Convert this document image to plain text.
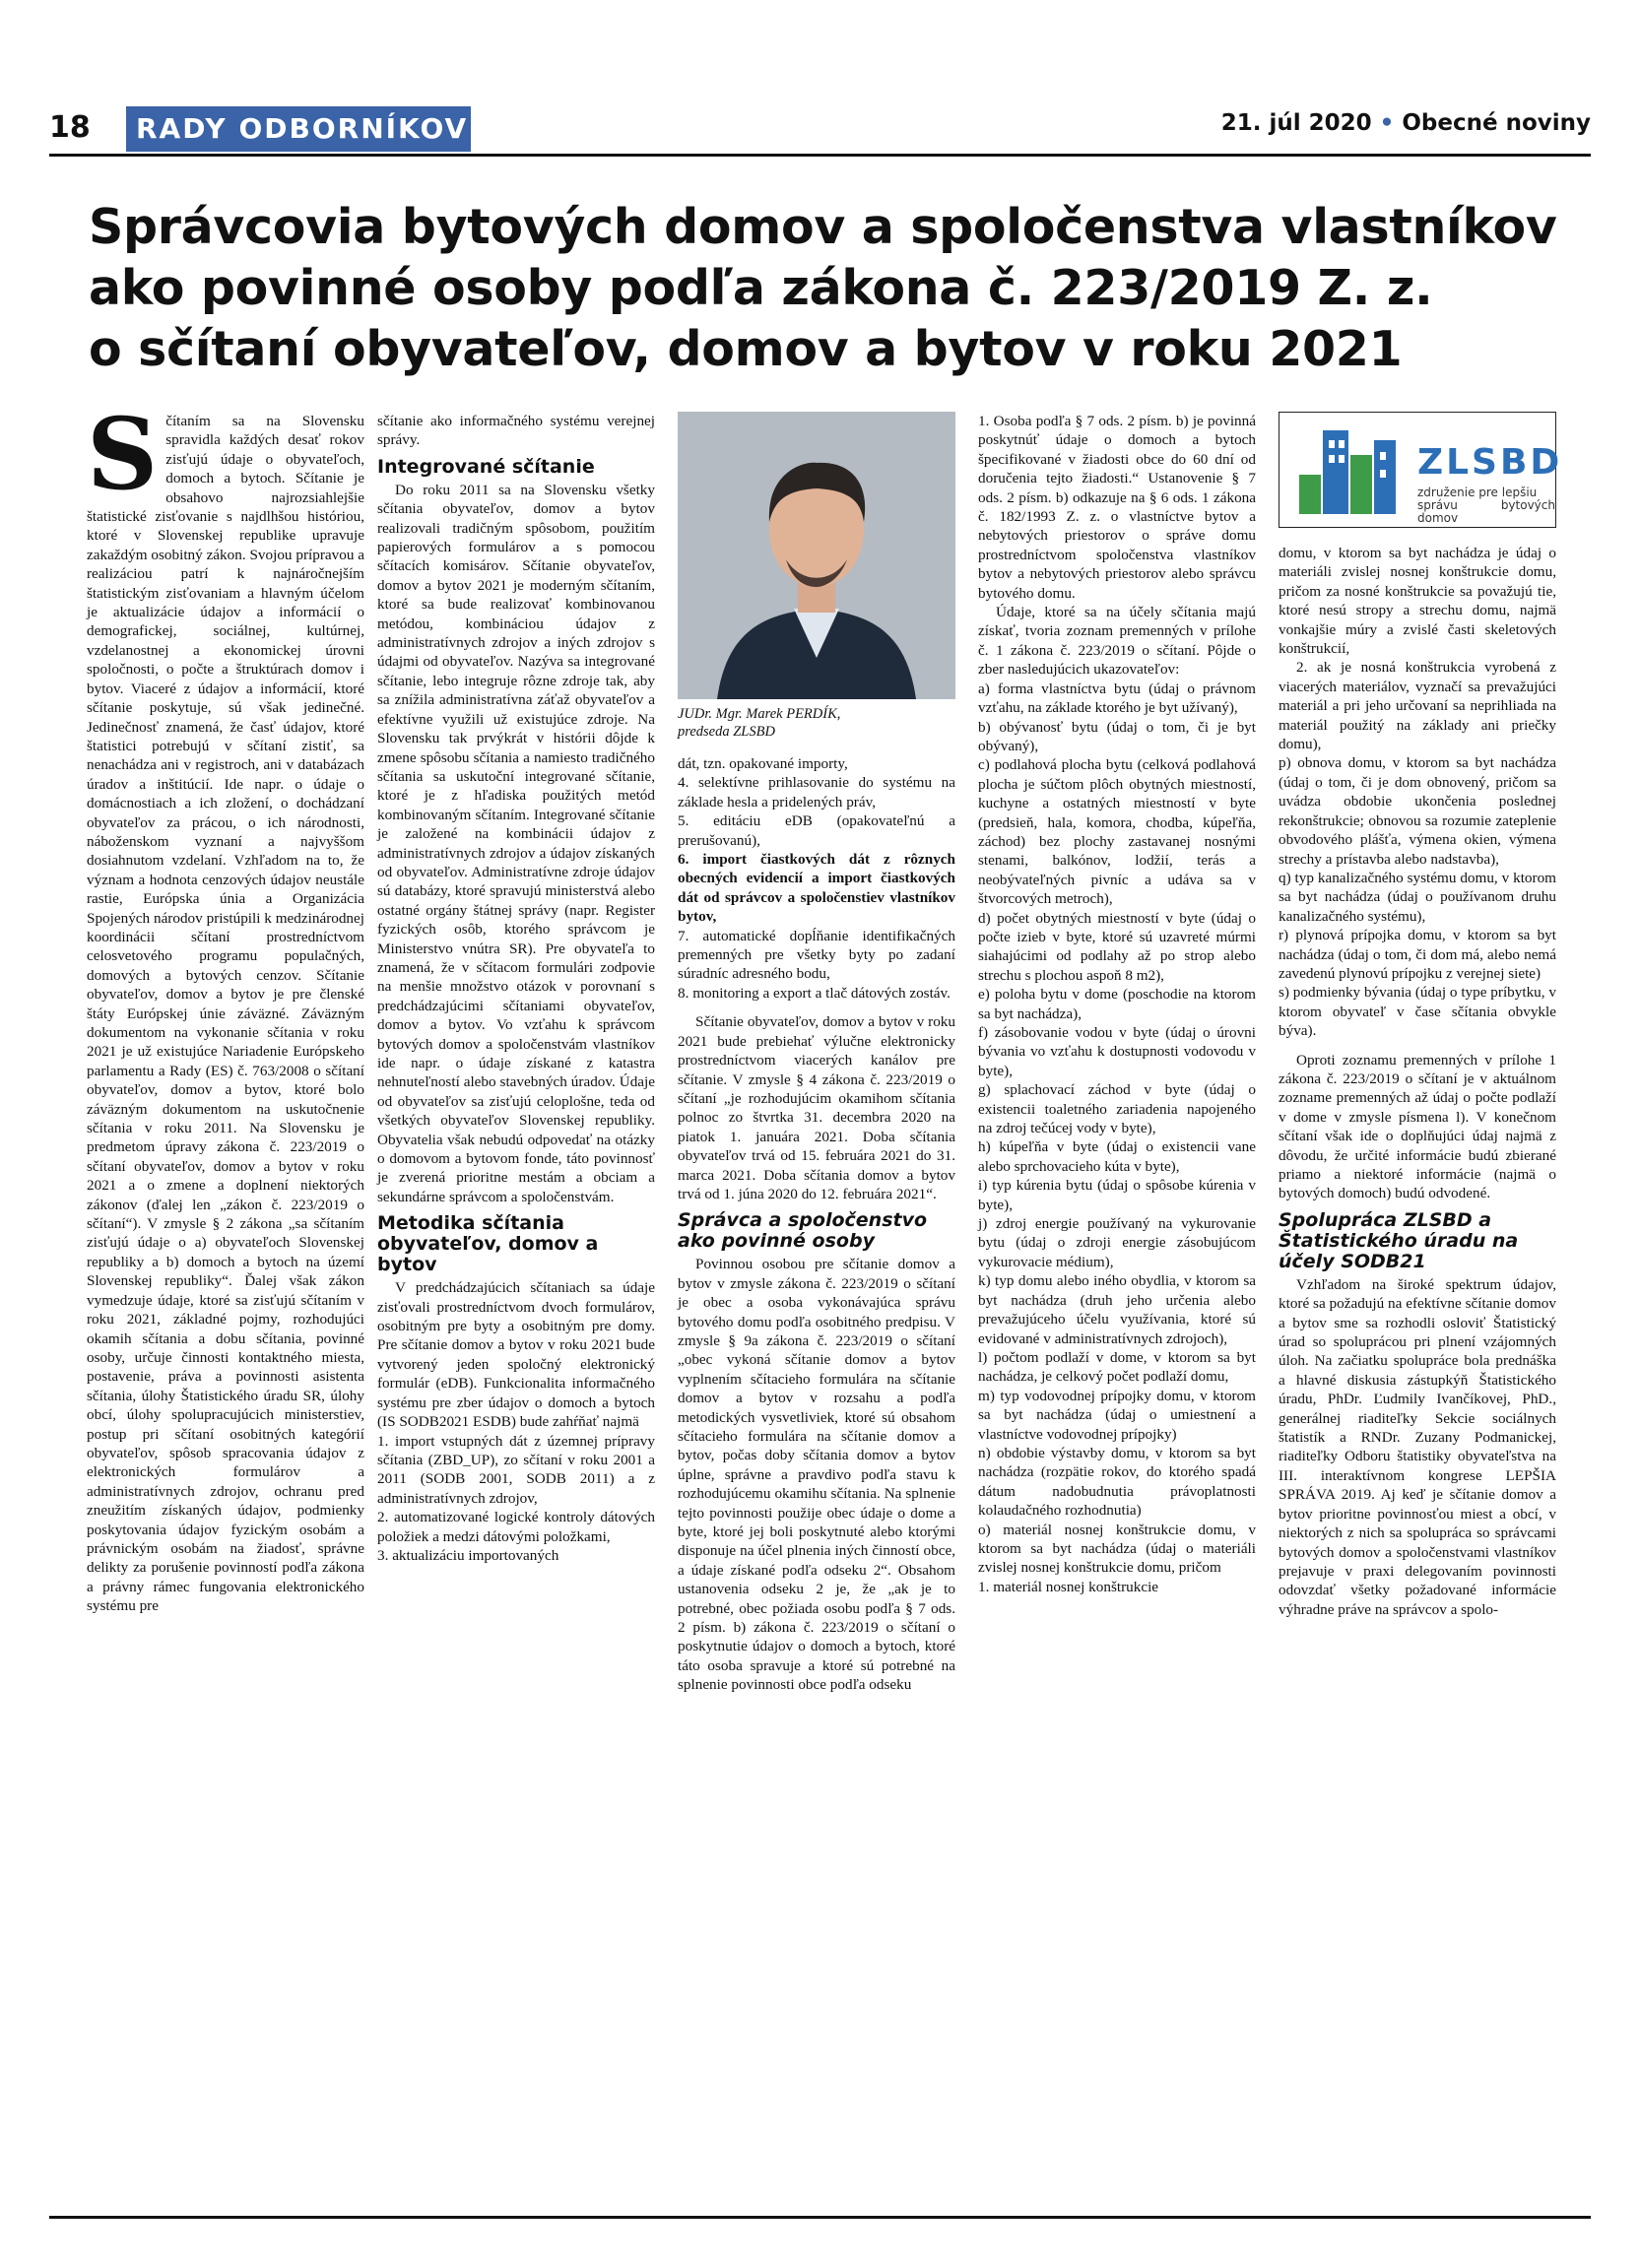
18	RADY ODBORNÍKOV	21. júl 2020 • Obecné noviny
Správcovia bytových domov a spoločenstva vlastníkov
ako povinné osoby podľa zákona č. 223/2019 Z. z.
o sčítaní obyvateľov, domov a bytov v roku 2021
S čítaním sa na Slovensku spravidla každých desať rokov zisťujú údaje o obyvateľoch, domoch a bytoch. Sčítanie je obsahovo najrozsiahlejšie štatistické zisťovanie s najdlhšou históriou, ktoré v Slovenskej republike upravuje zakaždým osobitný zákon. Svojou prípravou a realizáciou patrí k najnáročnejším štatistickým zisťovaniam a hlavným účelom je aktualizácie údajov a informácií o demografickej, sociálnej, kultúrnej, vzdelanostnej a ekonomickej úrovni spoločnosti, o počte a štruktúrach domov i bytov. Viaceré z údajov a informácií, ktoré sčítanie poskytuje, sú však jedinečné. Jedinečnosť znamená, že časť údajov, ktoré štatistici potrebujú v sčítaní zistiť, sa nenachádza ani v registroch, ani v databázach úradov a inštitúcií. Ide napr. o údaje o domácnostiach a ich zložení, o dochádzaní obyvateľov za prácou, o ich národnosti, náboženskom vyznaní a najvyššom dosiahnutom vzdelaní. Vzhľadom na to, že význam a hodnota cenzových údajov neustále rastie, Európska únia a Organizácia Spojených národov pristúpili k medzinárodnej koordinácii sčítaní prostredníctvom celosvetového programu populačných, domových a bytových cenzov. Sčítanie obyvateľov, domov a bytov je pre členské štáty Európskej únie záväzné. Záväzným dokumentom na vykonanie sčítania v roku 2021 je už existujúce Nariadenie Európskeho parlamentu a Rady (ES) č. 763/2008 o sčítaní obyvateľov, domov a bytov, ktoré bolo záväzným dokumentom na uskutočnenie sčítania v roku 2011. Na Slovensku je predmetom úpravy zákona č. 223/2019 o sčítaní obyvateľov, domov a bytov v roku 2021 a o zmene a doplnení niektorých zákonov (ďalej len „zákon č. 223/2019 o sčítaní“). V zmysle § 2 zákona „sa sčítaním zisťujú údaje o a) obyvateľoch Slovenskej republiky a b) domoch a bytoch na území Slovenskej republiky“. Ďalej však zákon vymedzuje údaje, ktoré sa zisťujú sčítaním v roku 2021, základné pojmy, rozhodujúci okamih sčítania a dobu sčítania, povinné osoby, určuje činnosti kontaktného miesta, postavenie, práva a povinnosti asistenta sčítania, úlohy Štatistického úradu SR, úlohy obcí, úlohy spolupracujúcich ministerstiev, postup pri sčítaní osobitných kategórií obyvateľov, spôsob spracovania údajov z elektronických formulárov a administratívnych zdrojov, ochranu pred zneužitím získaných údajov, podmienky poskytovania údajov fyzickým osobám a právnickým osobám na žiadosť, správne delikty za porušenie povinností podľa zákona a právny rámec fungovania elektronického systému pre

sčítanie ako informačného systému verejnej správy.

Integrované sčítanie

Do roku 2011 sa na Slovensku všetky sčítania obyvateľov, domov a bytov realizovali tradičným spôsobom, použitím papierových formulárov a s pomocou sčítacích komisárov. Sčítanie obyvateľov, domov a bytov 2021 je moderným sčítaním, ktoré sa bude realizovať kombinovanou metódou, kombináciou údajov z administratívnych zdrojov a iných zdrojov s údajmi od obyvateľov. Nazýva sa integrované sčítanie, lebo integruje rôzne zdroje tak, aby sa znížila administratívna záťaž obyvateľov a efektívne využili už existujúce zdroje. Na Slovensku tak prvýkrát v histórii dôjde k zmene spôsobu sčítania a namiesto tradičného sčítania sa uskutoční integrované sčítanie, ktoré je z hľadiska použitých metód kombinovaným sčítaním. Integrované sčítanie je založené na kombinácii údajov z administratívnych zdrojov a údajov získaných od obyvateľov. Administratívne zdroje údajov sú databázy, ktoré spravujú ministerstvá alebo ostatné orgány štátnej správy (napr. Register fyzických osôb, ktorého správcom je Ministerstvo vnútra SR). Pre obyvateľa to znamená, že v sčítacom formulári zodpovie na menšie množstvo otázok v porovnaní s predchádzajúcimi sčítaniami obyvateľov, domov a bytov. Vo vzťahu k správcom bytových domov a spoločenstvám vlastníkov ide napr. o údaje získané z katastra nehnuteľností alebo stavebných úradov. Údaje od obyvateľov sa zisťujú celoplošne, teda od všetkých obyvateľov Slovenskej republiky. Obyvatelia však nebudú odpovedať na otázky o domovom a bytovom fonde, táto povinnosť je zverená prioritne mestám a obciam a sekundárne správcom a spoločenstvám.

Metodika sčítania obyvateľov, domov a bytov

V predchádzajúcich sčítaniach sa údaje zisťovali prostredníctvom dvoch formulárov, osobitným pre byty a osobitným pre domy. Pre sčítanie domov a bytov v roku 2021 bude vytvorený jeden spoločný elektronický formulár (eDB). Funkcionalita informačného systému pre zber údajov o domoch a bytoch (IS SODB2021 ESDB) bude zahŕňať najmä

1. import vstupných dát z územnej prípravy sčítania (ZBD_UP), zo sčítaní v roku 2001 a 2011 (SODB 2001, SODB 2011) a z administratívnych zdrojov,

2. automatizované logické kontroly dátových položiek a medzi dátovými položkami,

3. aktualizáciu importovaných

JUDr. Mgr. Marek PERDÍK,
predseda ZLSBD

dát, tzn. opakované importy,

4. selektívne prihlasovanie do systému na základe hesla a pridelených práv,

5. editáciu eDB (opakovateľnú a prerušovanú),

6. import čiastkových dát z rôznych obecných evidencií a import čiastkových dát od správcov a spoločenstiev vlastníkov bytov,

7. automatické dopĺňanie identifikačných premenných pre všetky byty po zadaní súradníc adresného bodu,

8. monitoring a export a tlač dátových zostáv.

Sčítanie obyvateľov, domov a bytov v roku 2021 bude prebiehať výlučne elektronicky prostredníctvom viacerých kanálov pre sčítanie. V zmysle § 4 zákona č. 223/2019 o sčítaní „je rozhodujúcim okamihom sčítania polnoc zo štvrtka 31. decembra 2020 na piatok 1. januára 2021. Doba sčítania obyvateľov trvá od 15. februára 2021 do 31. marca 2021. Doba sčítania domov a bytov trvá od 1. júna 2020 do 12. februára 2021“.

Správca a spoločenstvo ako povinné osoby

Povinnou osobou pre sčítanie domov a bytov v zmysle zákona č. 223/2019 o sčítaní je obec a osoba vykonávajúca správu bytového domu podľa osobitného predpisu. V zmysle § 9a zákona č. 223/2019 o sčítaní „obec vykoná sčítanie domov a bytov vyplnením sčítacieho formulára na sčítanie domov a bytov v rozsahu a podľa metodických vysvetliviek, ktoré sú obsahom sčítacieho formulára na sčítanie domov a bytov, počas doby sčítania domov a bytov úplne, správne a pravdivo podľa stavu k rozhodujúcemu okamihu sčítania. Na splnenie tejto povinnosti použije obec údaje o dome a byte, ktoré jej boli poskytnuté alebo ktorými disponuje na účel plnenia iných činností obce, a údaje získané podľa odseku 2“. Obsahom ustanovenia odseku 2 je, že „ak je to potrebné, obec požiada osobu podľa § 7 ods. 2 písm. b) zákona č. 223/2019 o sčítaní o poskytnutie údajov o domoch a bytoch, ktoré táto osoba spravuje a ktoré sú potrebné na splnenie povinnosti obce podľa odseku

1. Osoba podľa § 7 ods. 2 písm. b) je povinná poskytnúť údaje o domoch a bytoch špecifikované v žiadosti obce do 60 dní od doručenia tejto žiadosti.“ Ustanovenie § 7 ods. 2 písm. b) odkazuje na § 6 ods. 1 zákona č. 182/1993 Z. z. o vlastníctve bytov a nebytových priestorov o správe domu prostredníctvom spoločenstva vlastníkov bytov a nebytových priestorov alebo správcu bytového domu.

Údaje, ktoré sa na účely sčítania majú získať, tvoria zoznam premenných v prílohe č. 1 zákona č. 223/2019 o sčítaní. Pôjde o zber nasledujúcich ukazovateľov:

a) forma vlastníctva bytu (údaj o právnom vzťahu, na základe ktorého je byt užívaný),

b) obývanosť bytu (údaj o tom, či je byt obývaný),

c) podlahová plocha bytu (celková podlahová plocha je súčtom plôch obytných miestností, kuchyne a ostatných miestností v byte (predsieň, hala, komora, chodba, kúpeľňa, záchod) bez plochy zastavanej nosnými stenami, balkónov, lodžií, terás a neobývateľných pivníc a udáva sa v štvorcových metroch),

d) počet obytných miestností v byte (údaj o počte izieb v byte, ktoré sú uzavreté múrmi siahajúcimi od podlahy až po strop alebo strechu s plochou aspoň 8 m2),

e) poloha bytu v dome (poschodie na ktorom sa byt nachádza),

f) zásobovanie vodou v byte (údaj o úrovni bývania vo vzťahu k dostupnosti vodovodu v byte),

g) splachovací záchod v byte (údaj o existencii toaletného zariadenia napojeného na zdroj tečúcej vody v byte),

h) kúpeľňa v byte (údaj o existencii vane alebo sprchovacieho kúta v byte),

i) typ kúrenia bytu (údaj o spôsobe kúrenia v byte),

j) zdroj energie používaný na vykurovanie bytu (údaj o zdroji energie zásobujúcom vykurovacie médium),

k) typ domu alebo iného obydlia, v ktorom sa byt nachádza (druh jeho určenia alebo prevažujúceho účelu využívania, ktoré sú evidované v administratívnych zdrojoch),

l) počtom podlaží v dome, v ktorom sa byt nachádza, je celkový počet podlaží domu,

m) typ vodovodnej prípojky domu, v ktorom sa byt nachádza (údaj o umiestnení a vlastníctve vodovodnej prípojky)

n) obdobie výstavby domu, v ktorom sa byt nachádza (rozpätie rokov, do ktorého spadá dátum nadobudnutia právoplatnosti kolaudačného rozhodnutia)

o) materiál nosnej konštrukcie domu, v ktorom sa byt nachádza (údaj o materiáli zvislej nosnej konštrukcie domu, pričom

1. materiál nosnej konštrukcie

ZLSBD
združenie pre lepšiu
správu bytových domov

domu, v ktorom sa byt nachádza je údaj o materiáli zvislej nosnej konštrukcie domu, pričom za nosné konštrukcie sa považujú tie, ktoré nesú stropy a strechu domu, najmä vonkajšie múry a zvislé časti skeletových konštrukcií,

2. ak je nosná konštrukcia vyrobená z viacerých materiálov, vyznačí sa prevažujúci materiál a pri jeho určovaní sa neprihliada na materiál použitý na základy ani priečky domu),

p) obnova domu, v ktorom sa byt nachádza (údaj o tom, či je dom obnovený, pričom sa uvádza obdobie ukončenia poslednej rekonštrukcie; obnovou sa rozumie zateplenie obvodového plášťa, výmena okien, výmena strechy a prístavba alebo nadstavba),

q) typ kanalizačného systému domu, v ktorom sa byt nachádza (údaj o používanom druhu kanalizačného systému),

r) plynová prípojka domu, v ktorom sa byt nachádza (údaj o tom, či dom má, alebo nemá zavedenú plynovú prípojku z verejnej siete)

s) podmienky bývania (údaj o type príbytku, v ktorom obyvateľ v čase sčítania obvykle býva).

Oproti zoznamu premenných v prílohe 1 zákona č. 223/2019 o sčítaní je v aktuálnom zozname premenných až údaj o počte podlaží v dome v zmysle písmena l). V konečnom sčítaní však ide o doplňujúci údaj najmä z dôvodu, že určité informácie budú zbierané priamo a niektoré informácie (najmä o bytových domoch) budú odvodené.

Spolupráca ZLSBD a Štatistického úradu na účely SODB21

Vzhľadom na široké spektrum údajov, ktoré sa požadujú na efektívne sčítanie domov a bytov sme sa rozhodli osloviť Štatistický úrad so spoluprácou pri plnení vzájomných úloh. Na začiatku spolupráce bola prednáška a hlavné diskusia zástupkýň Štatistického úradu, PhDr. Ľudmily Ivančíkovej, PhD., generálnej riaditeľky Sekcie sociálnych štatistík a RNDr. Zuzany Podmanickej, riaditeľky Odboru štatistiky obyvateľstva na III. interaktívnom kongrese LEPŠIA SPRÁVA 2019. Aj keď je sčítanie domov a bytov prioritne povinnosťou miest a obcí, v niektorých z nich sa spolupráca so správcami bytových domov a spoločenstvami vlastníkov prejavuje v praxi delegovaním povinnosti odovzdať všetky požadované informácie výhradne práve na správcov a spolo-
